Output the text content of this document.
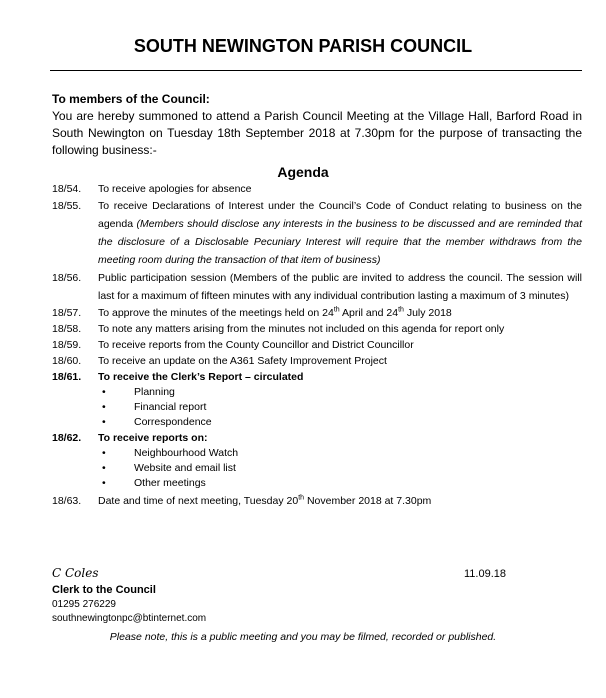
SOUTH NEWINGTON PARISH COUNCIL
To members of the Council:
You are hereby summoned to attend a Parish Council Meeting at the Village Hall, Barford Road in South Newington on Tuesday 18th September 2018 at 7.30pm for the purpose of transacting the following business:-
Agenda
18/54.	To receive apologies for absence
18/55.	To receive Declarations of Interest under the Council’s Code of Conduct relating to business on the agenda (Members should disclose any interests in the business to be discussed and are reminded that the disclosure of a Disclosable Pecuniary Interest will require that the member withdraws from the meeting room during the transaction of that item of business)
18/56.	Public participation session (Members of the public are invited to address the council. The session will last for a maximum of fifteen minutes with any individual contribution lasting a maximum of 3 minutes)
18/57.	To approve the minutes of the meetings held on 24th April and 24th July 2018
18/58.	To note any matters arising from the minutes not included on this agenda for report only
18/59.	To receive reports from the County Councillor and District Councillor
18/60.	To receive an update on the A361 Safety Improvement Project
18/61.	To receive the Clerk’s Report – circulated
•	Planning
•	Financial report
•	Correspondence
18/62.	To receive reports on:
•	Neighbourhood Watch
•	Website and email list
•	Other meetings
18/63.	Date and time of next meeting, Tuesday 20th November 2018 at 7.30pm
C Coles	11.09.18
Clerk to the Council
01295 276229
southnewingtonpc@btinternet.com
Please note, this is a public meeting and you may be filmed, recorded or published.
